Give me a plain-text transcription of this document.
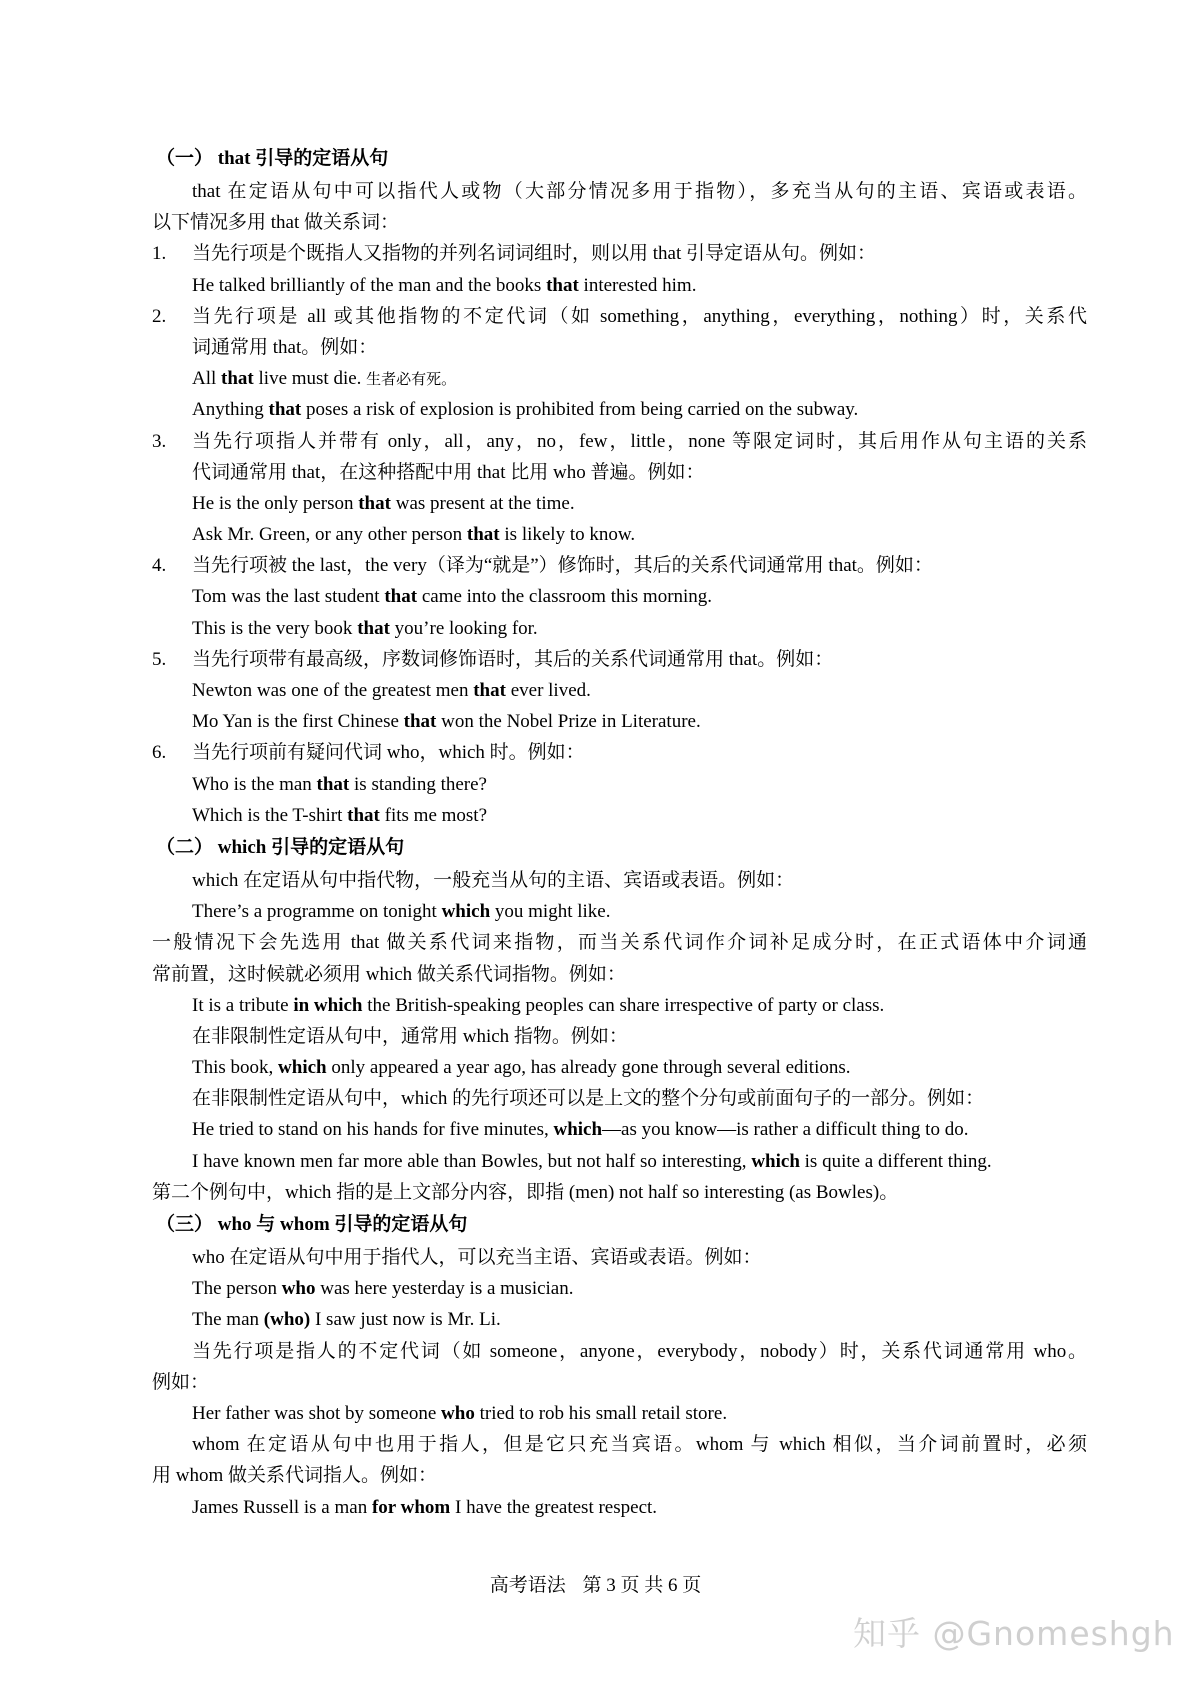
（一） that 引导的定语从句
that 在定语从句中可以指代人或物（大部分情况多用于指物），多充当从句的主语、宾语或表语。
以下情况多用 that 做关系词：
1. 当先行项是个既指人又指物的并列名词词组时，则以用 that 引导定语从句。例如：
He talked brilliantly of the man and the books that interested him.
2. 当先行项是 all 或其他指物的不定代词（如 something，anything，everything，nothing）时，关系代
词通常用 that。例如：
All that live must die. 生者必有死。
Anything that poses a risk of explosion is prohibited from being carried on the subway.
3. 当先行项指人并带有 only，all，any，no，few，little，none 等限定词时，其后用作从句主语的关系
代词通常用 that，在这种搭配中用 that 比用 who 普遍。例如：
He is the only person that was present at the time.
Ask Mr. Green, or any other person that is likely to know.
4. 当先行项被 the last，the very（译为“就是”）修饰时，其后的关系代词通常用 that。例如：
Tom was the last student that came into the classroom this morning.
This is the very book that you’re looking for.
5. 当先行项带有最高级，序数词修饰语时，其后的关系代词通常用 that。例如：
Newton was one of the greatest men that ever lived.
Mo Yan is the first Chinese that won the Nobel Prize in Literature.
6. 当先行项前有疑问代词 who，which 时。例如：
Who is the man that is standing there?
Which is the T-shirt that fits me most?
（二） which 引导的定语从句
which 在定语从句中指代物，一般充当从句的主语、宾语或表语。例如：
There’s a programme on tonight which you might like.
一般情况下会先选用 that 做关系代词来指物，而当关系代词作介词补足成分时，在正式语体中介词通
常前置，这时候就必须用 which 做关系代词指物。例如：
It is a tribute in which the British-speaking peoples can share irrespective of party or class.
在非限制性定语从句中，通常用 which 指物。例如：
This book, which only appeared a year ago, has already gone through several editions.
在非限制性定语从句中，which 的先行项还可以是上文的整个分句或前面句子的一部分。例如：
He tried to stand on his hands for five minutes, which—as you know—is rather a difficult thing to do.
I have known men far more able than Bowles, but not half so interesting, which is quite a different thing.
第二个例句中，which 指的是上文部分内容，即指 (men) not half so interesting (as Bowles)。
（三） who 与 whom 引导的定语从句
who 在定语从句中用于指代人，可以充当主语、宾语或表语。例如：
The person who was here yesterday is a musician.
The man (who) I saw just now is Mr. Li.
当先行项是指人的不定代词（如 someone，anyone，everybody，nobody）时，关系代词通常用 who。
例如：
Her father was shot by someone who tried to rob his small retail store.
whom 在定语从句中也用于指人，但是它只充当宾语。whom 与 which 相似，当介词前置时，必须
用 whom 做关系代词指人。例如：
James Russell is a man for whom I have the greatest respect.
高考语法 第 3 页 共 6 页
知乎 @Gnomeshgh
